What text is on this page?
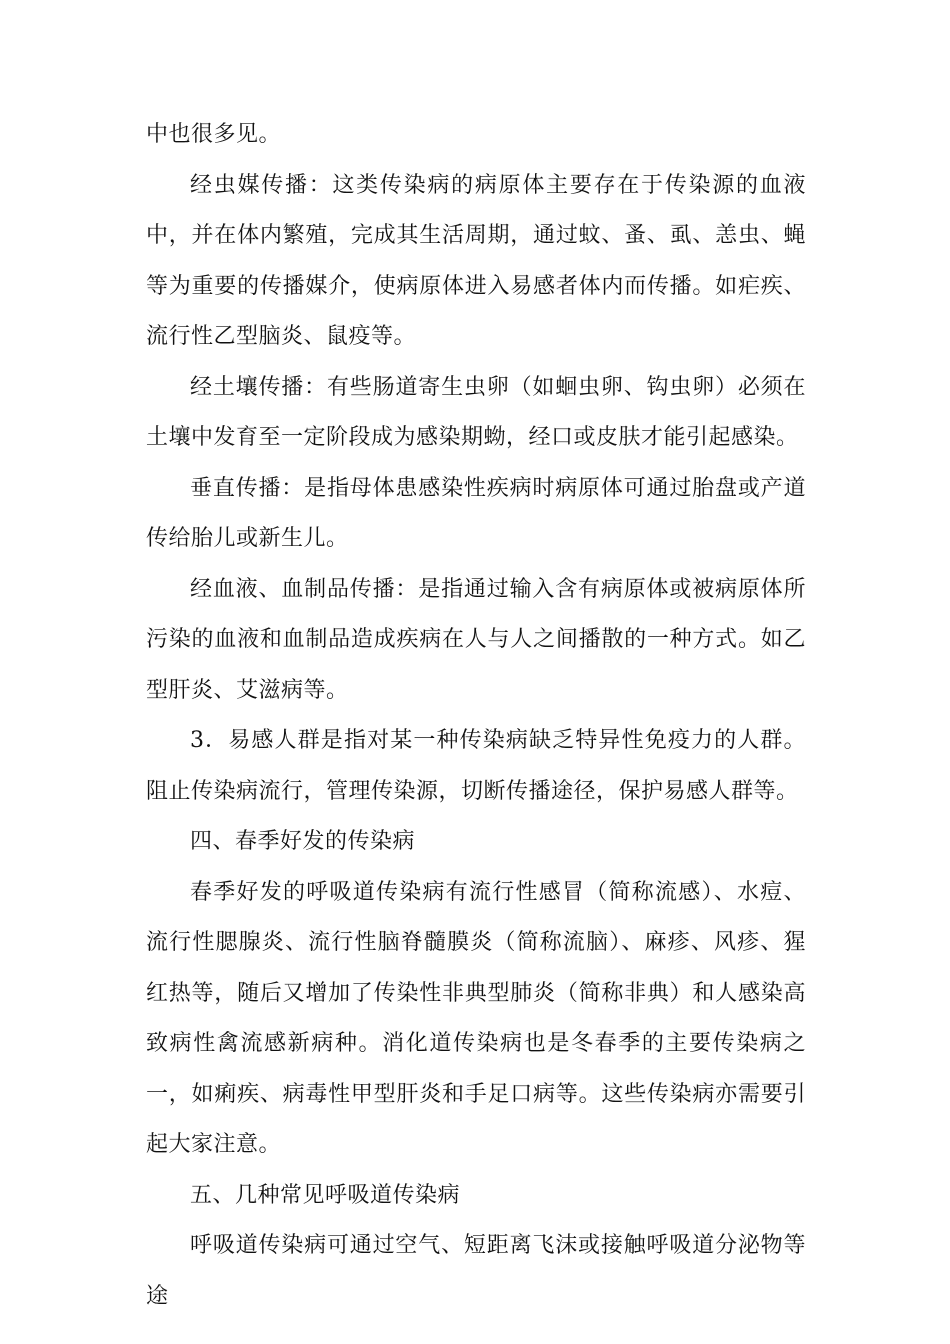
中也很多见。

经虫媒传播：这类传染病的病原体主要存在于传染源的血液中，并在体内繁殖，完成其生活周期，通过蚊、蚤、虱、恙虫、蝇等为重要的传播媒介，使病原体进入易感者体内而传播。如疟疾、流行性乙型脑炎、鼠疫等。

经土壤传播：有些肠道寄生虫卵（如蛔虫卵、钩虫卵）必须在土壤中发育至一定阶段成为感染期蚴，经口或皮肤才能引起感染。

垂直传播：是指母体患感染性疾病时病原体可通过胎盘或产道传给胎儿或新生儿。

经血液、血制品传播：是指通过输入含有病原体或被病原体所污染的血液和血制品造成疾病在人与人之间播散的一种方式。如乙型肝炎、艾滋病等。

3．易感人群是指对某一种传染病缺乏特异性免疫力的人群。阻止传染病流行，管理传染源，切断传播途径，保护易感人群等。

四、春季好发的传染病

春季好发的呼吸道传染病有流行性感冒（简称流感）、水痘、流行性腮腺炎、流行性脑脊髓膜炎（简称流脑）、麻疹、风疹、猩红热等，随后又增加了传染性非典型肺炎（简称非典）和人感染高致病性禽流感新病种。消化道传染病也是冬春季的主要传染病之一，如痢疾、病毒性甲型肝炎和手足口病等。这些传染病亦需要引起大家注意。

五、几种常见呼吸道传染病

呼吸道传染病可通过空气、短距离飞沫或接触呼吸道分泌物等途
